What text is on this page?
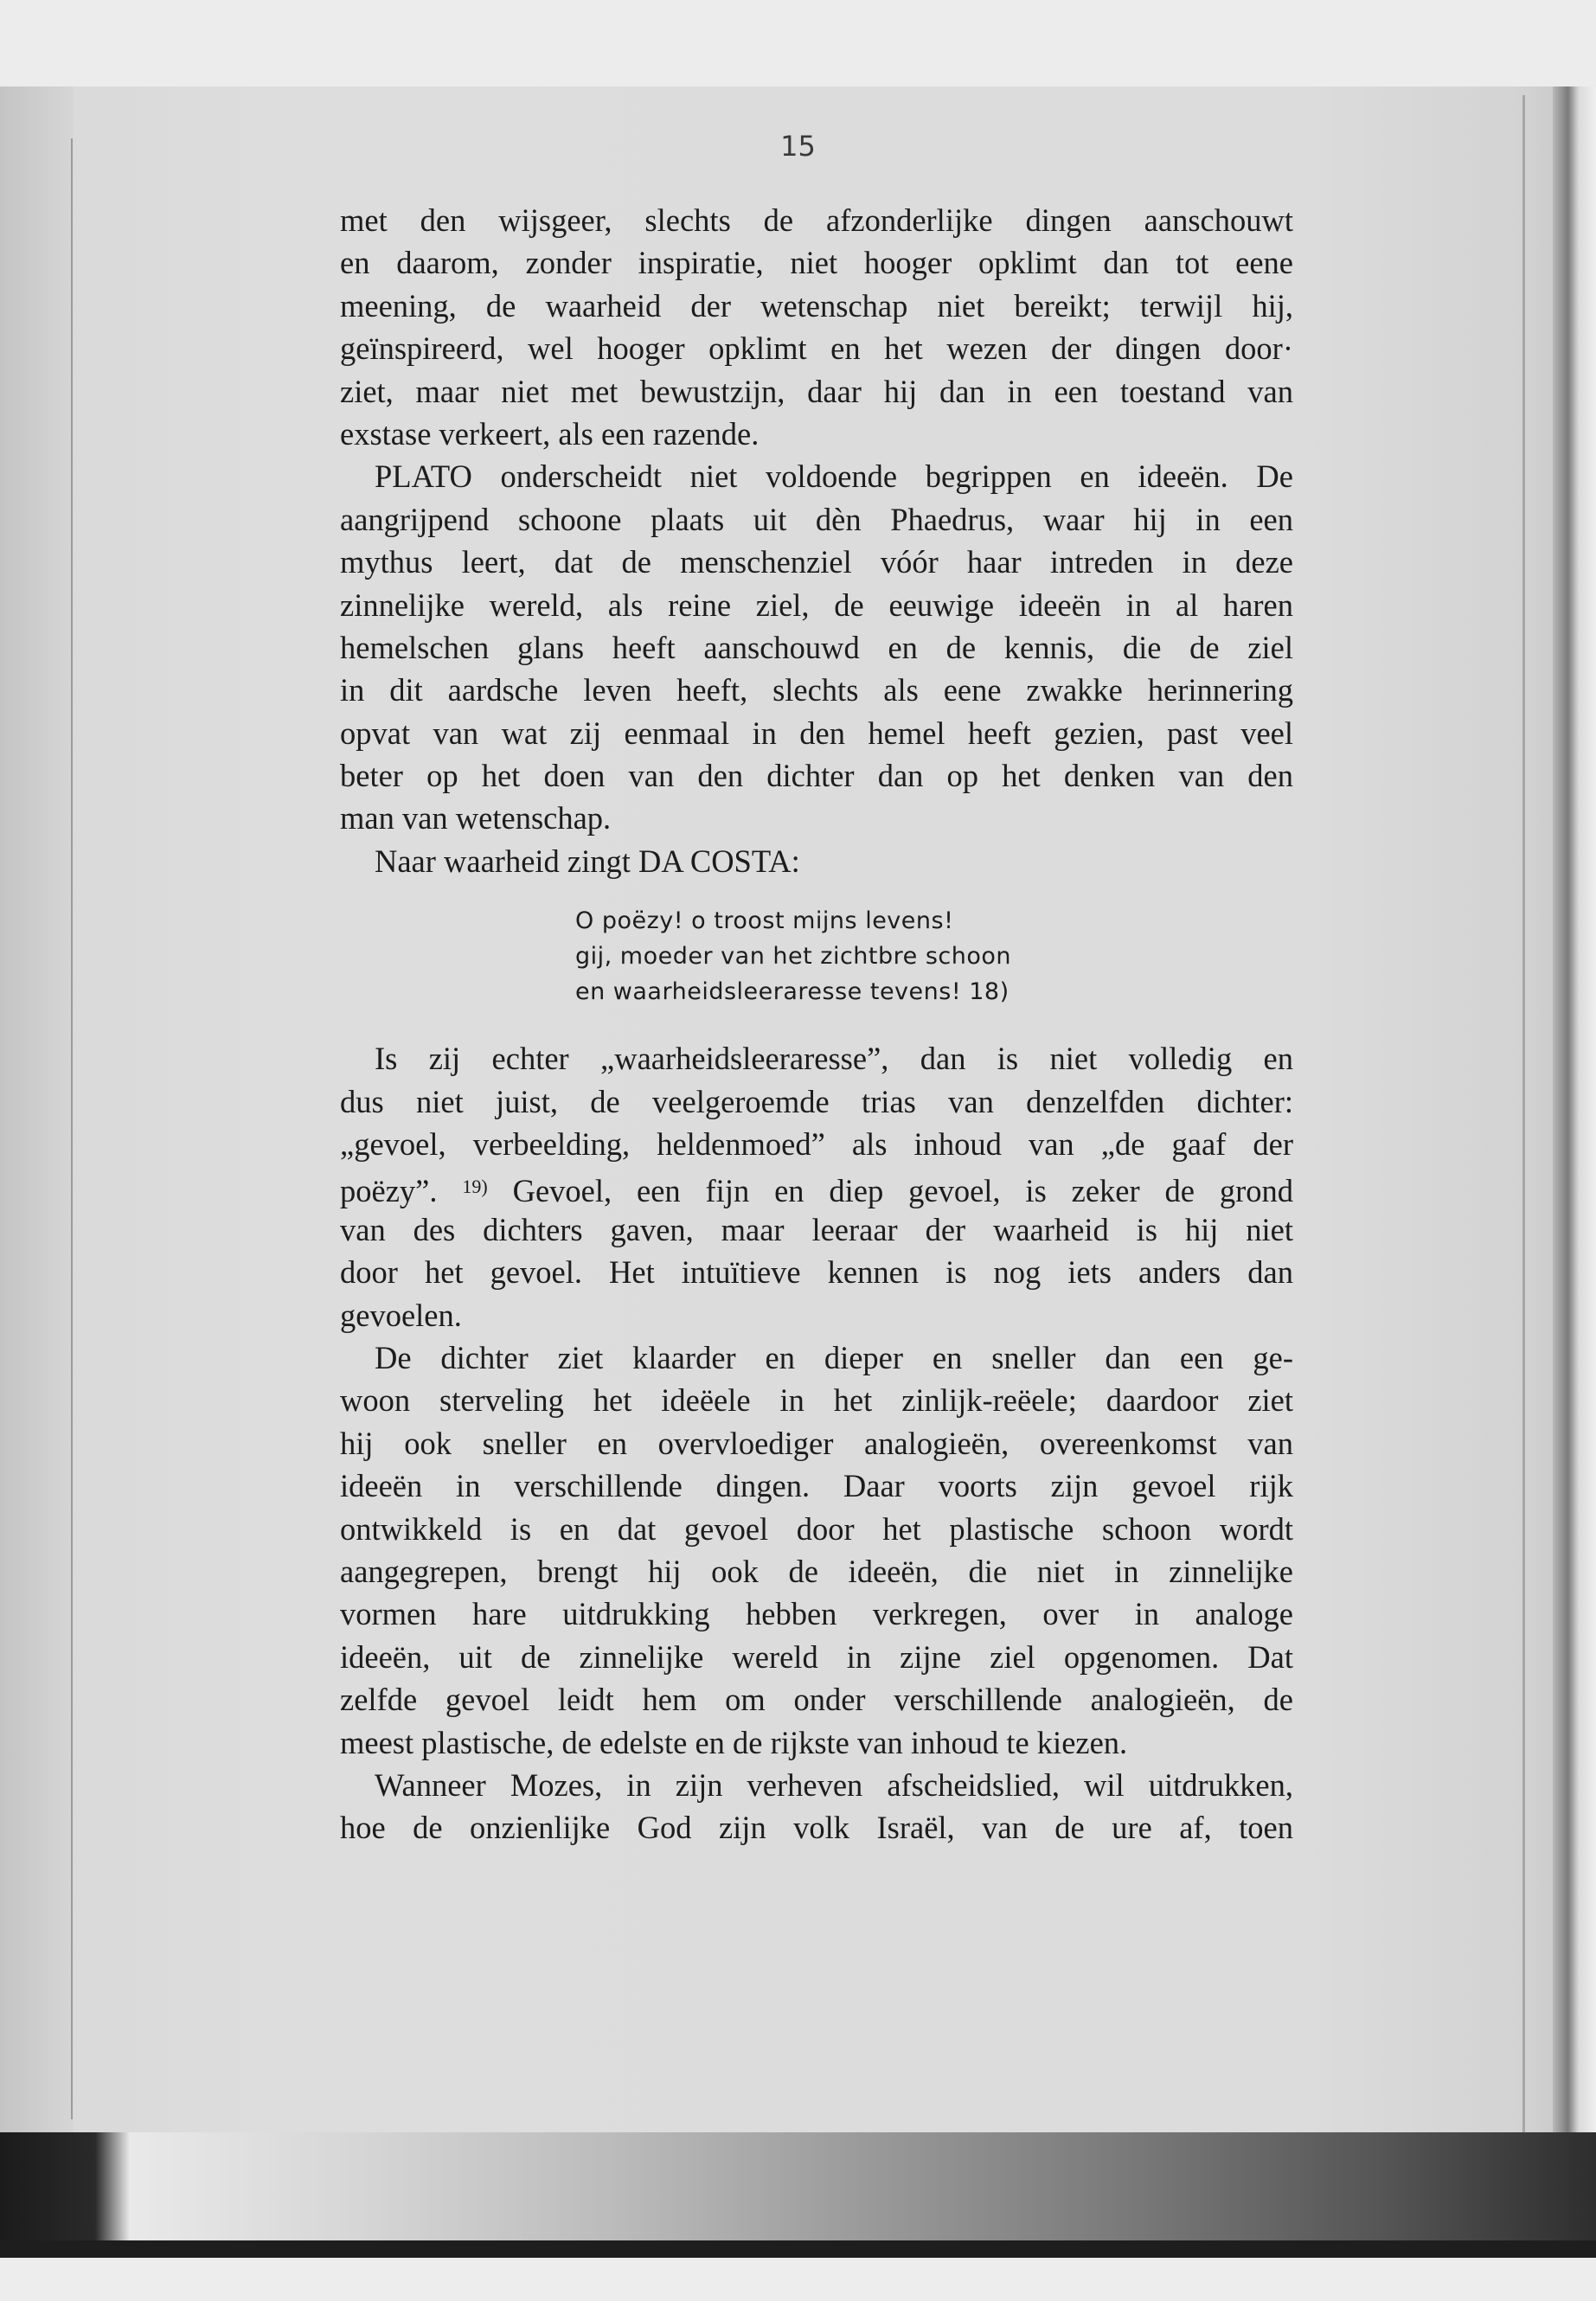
15
met den wijsgeer, slechts de afzonderlijke dingen aanschouwt
en daarom, zonder inspiratie, niet hooger opklimt dan tot eene
meening, de waarheid der wetenschap niet bereikt; terwijl hij,
geïnspireerd, wel hooger opklimt en het wezen der dingen door·
ziet, maar niet met bewustzijn, daar hij dan in een toestand van
exstase verkeert, als een razende.
PLATO onderscheidt niet voldoende begrippen en ideeën. De
aangrijpend schoone plaats uit dèn Phaedrus, waar hij in een
mythus leert, dat de menschenziel vóór haar intreden in deze
zinnelijke wereld, als reine ziel, de eeuwige ideeën in al haren
hemelschen glans heeft aanschouwd en de kennis, die de ziel
in dit aardsche leven heeft, slechts als eene zwakke herinnering
opvat van wat zij eenmaal in den hemel heeft gezien, past veel
beter op het doen van den dichter dan op het denken van den
man van wetenschap.
Naar waarheid zingt DA COSTA:
O poëzy! o troost mijns levens!
gij, moeder van het zichtbre schoon
en waarheidsleeraresse tevens! 18)
Is zij echter „waarheidsleeraresse”, dan is niet volledig en
dus niet juist, de veelgeroemde trias van denzelfden dichter:
„gevoel, verbeelding, heldenmoed” als inhoud van „de gaaf der
poëzy”. $^{19)}$ Gevoel, een fijn en diep gevoel, is zeker de grond
van des dichters gaven, maar leeraar der waarheid is hij niet
door het gevoel. Het intuïtieve kennen is nog iets anders dan
gevoelen.
De dichter ziet klaarder en dieper en sneller dan een ge-
woon sterveling het ideëele in het zinlijk-reëele; daardoor ziet
hij ook sneller en overvloediger analogieën, overeenkomst van
ideeën in verschillende dingen. Daar voorts zijn gevoel rijk
ontwikkeld is en dat gevoel door het plastische schoon wordt
aangegrepen, brengt hij ook de ideeën, die niet in zinnelijke
vormen hare uitdrukking hebben verkregen, over in analoge
ideeën, uit de zinnelijke wereld in zijne ziel opgenomen. Dat
zelfde gevoel leidt hem om onder verschillende analogieën, de
meest plastische, de edelste en de rijkste van inhoud te kiezen.
Wanneer Mozes, in zijn verheven afscheidslied, wil uitdrukken,
hoe de onzienlijke God zijn volk Israël, van de ure af, toen
